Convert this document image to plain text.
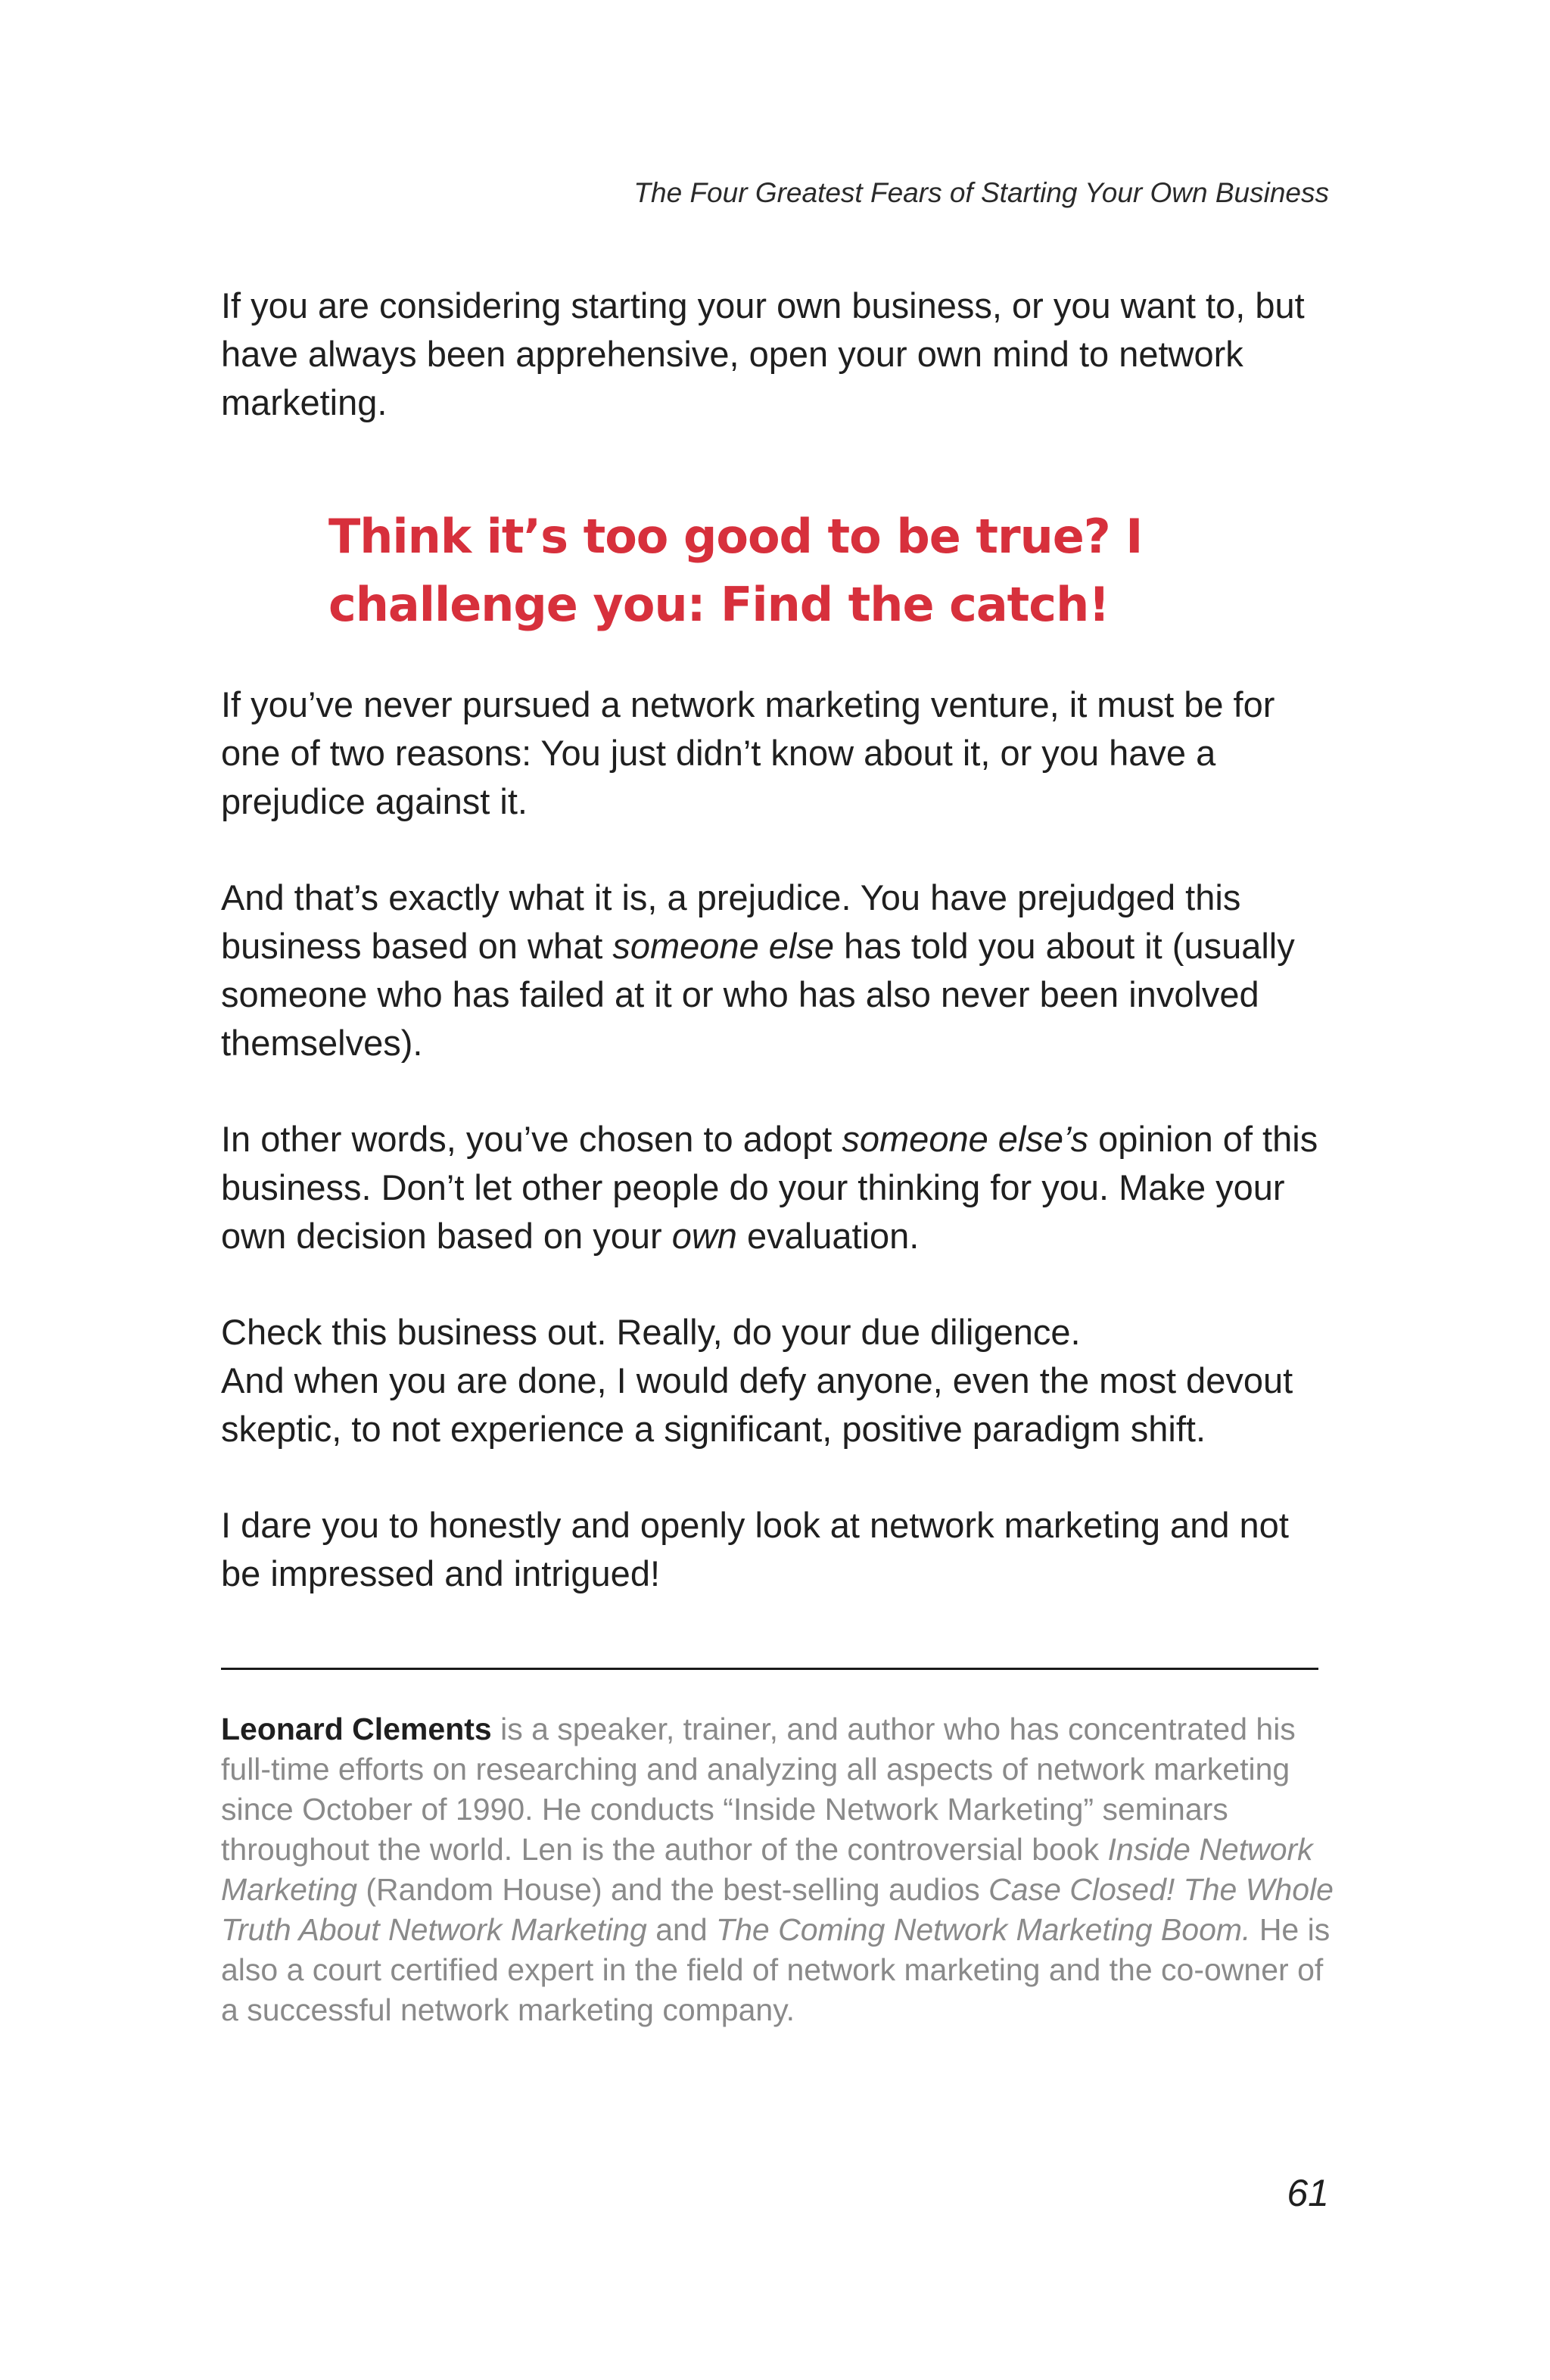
The Four Greatest Fears of Starting Your Own Business

If you are considering starting your own business, or you want to, but have always been apprehensive, open your own mind to network marketing.

Think it’s too good to be true? I challenge you: Find the catch!

If you’ve never pursued a network marketing venture, it must be for one of two reasons: You just didn’t know about it, or you have a prejudice against it.

And that’s exactly what it is, a prejudice. You have prejudged this business based on what someone else has told you about it (usually someone who has failed at it or who has also never been involved themselves).

In other words, you’ve chosen to adopt someone else’s opinion of this business. Don’t let other people do your thinking for you. Make your own decision based on your own evaluation.

Check this business out. Really, do your due diligence.
And when you are done, I would defy anyone, even the most devout skeptic, to not experience a significant, positive paradigm shift.

I dare you to honestly and openly look at network marketing and not be impressed and intrigued!

Leonard Clements is a speaker, trainer, and author who has concentrated his full-time efforts on researching and analyzing all aspects of network marketing since October of 1990. He conducts “Inside Network Marketing” seminars throughout the world. Len is the author of the controversial book Inside Network Marketing (Random House) and the best-selling audios Case Closed! The Whole Truth About Network Marketing and The Coming Network Marketing Boom. He is also a court certified expert in the field of network marketing and the co-owner of a successful network marketing company.
61
